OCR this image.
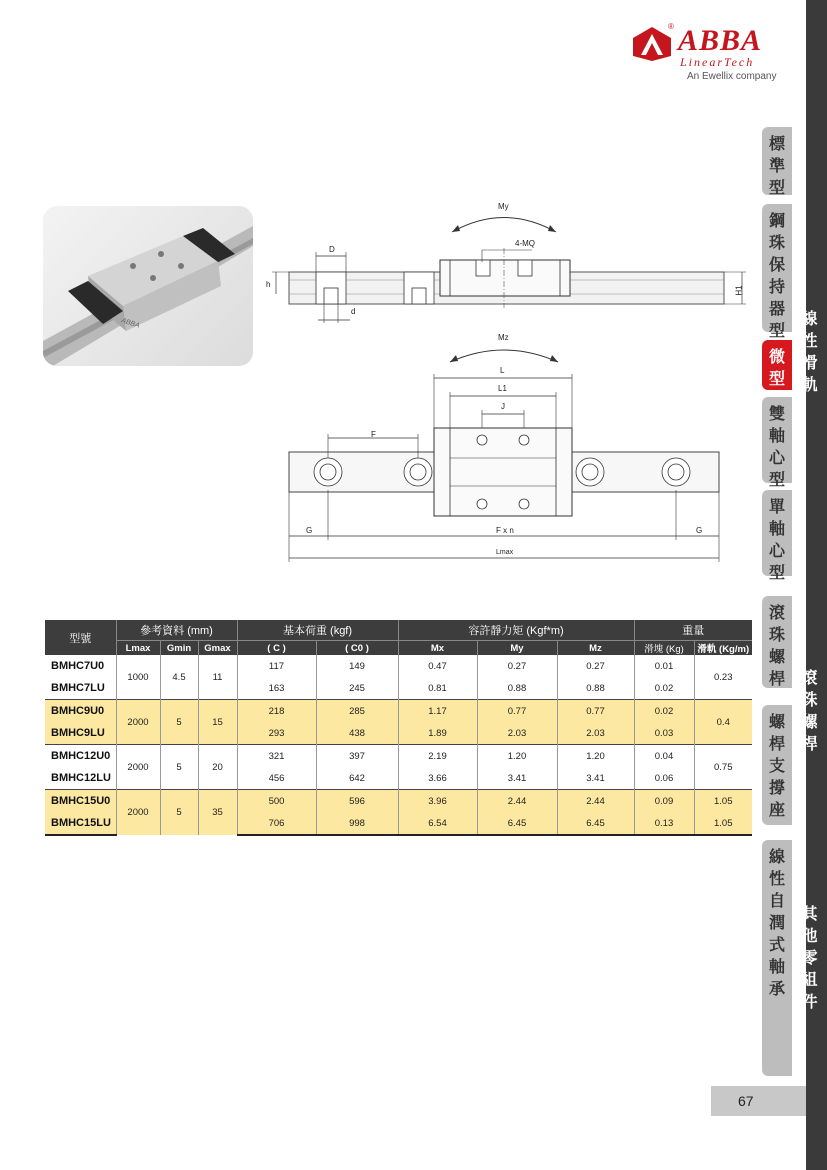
ABBA
®
LinearTech
An Ewellix company
標
準
型
鋼
珠
保
持
器
型
微
型
雙
軸
心
型
單
軸
心
型
滾
珠
螺
桿
螺
桿
支
撐
座
線
性
自
潤
式
軸
承
線
性
滑
軌
滾
珠
螺
桿
其
他
零
組
件
ABBA
My
4-MQ
D
d
h
H1
Mz
L
L1
J
F
G	F x n	G
Lmax
型號	參考資料 (mm)			基本荷重 (kgf)		容許靜力矩 (Kgf*m)			重量	
	Lmax	Gmin	Gmax	( C )	( C0 )	Mx	My	Mz	滑塊 (Kg)	滑軌 (Kg/m)
BMHC7U0	1000	4.5	11	117	149	0.47	0.27	0.27	0.01	0.23
BMHC7LU				163	245	0.81	0.88	0.88	0.02	
BMHC9U0	2000	5	15	218	285	1.17	0.77	0.77	0.02	0.4
BMHC9LU				293	438	1.89	2.03	2.03	0.03	
BMHC12U0	2000	5	20	321	397	2.19	1.20	1.20	0.04	0.75
BMHC12LU				456	642	3.66	3.41	3.41	0.06	
BMHC15U0	2000	5	35	500	596	3.96	2.44	2.44	0.09	1.05
BMHC15LU				706	998	6.54	6.45	6.45	0.13	1.05
67
